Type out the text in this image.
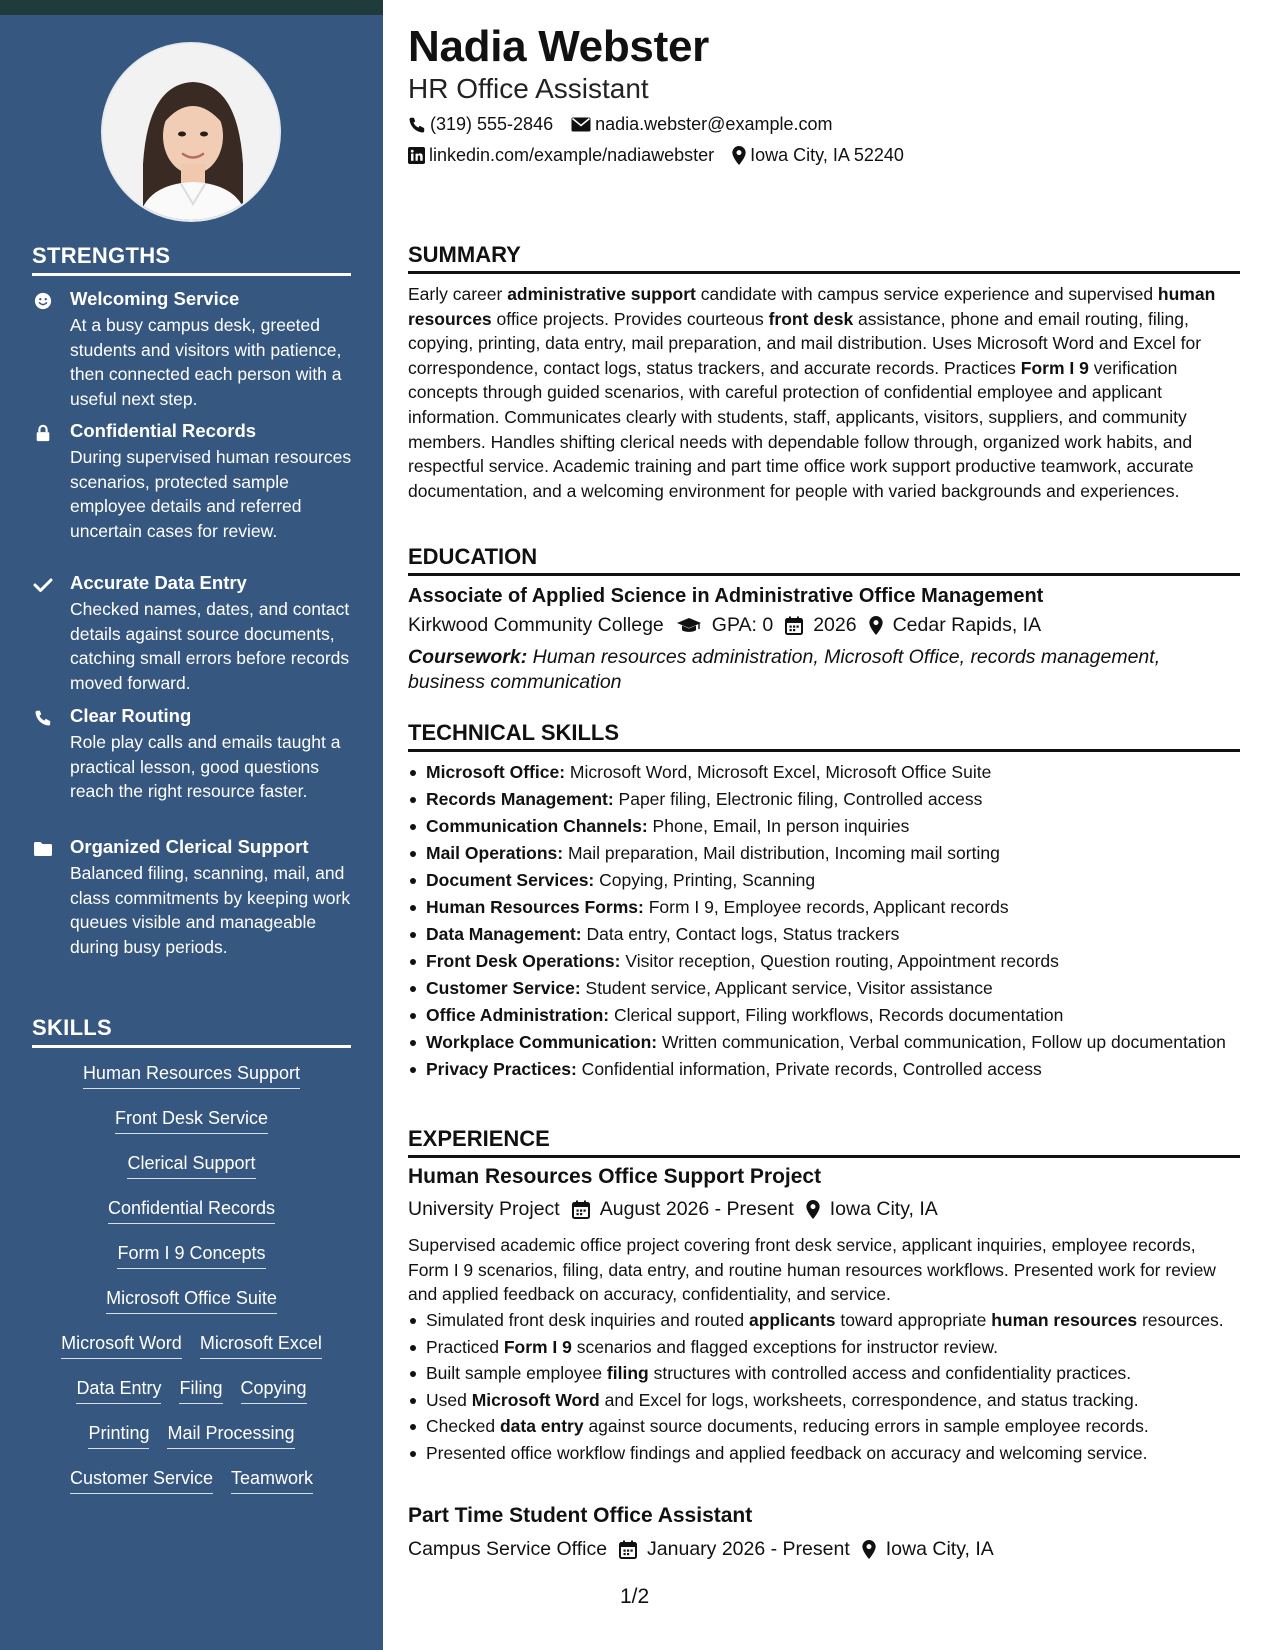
STRENGTHS
Welcoming Service
At a busy campus desk, greeted students and visitors with patience, then connected each person with a useful next step.
Confidential Records
During supervised human resources scenarios, protected sample employee details and referred uncertain cases for review.
Accurate Data Entry
Checked names, dates, and contact details against source documents, catching small errors before records moved forward.
Clear Routing
Role play calls and emails taught a practical lesson, good questions reach the right resource faster.
Organized Clerical Support
Balanced filing, scanning, mail, and class commitments by keeping work queues visible and manageable during busy periods.
SKILLS
Human Resources Support
Front Desk Service
Clerical Support
Confidential Records
Form I 9 Concepts
Microsoft Office Suite
Microsoft Word Microsoft Excel
Data Entry Filing Copying
Printing Mail Processing
Customer Service Teamwork
Nadia Webster
HR Office Assistant
(319) 555-2846 nadia.webster@example.com
linkedin.com/example/nadiawebster Iowa City, IA 52240
SUMMARY
Early career administrative support candidate with campus service experience and supervised human resources office projects. Provides courteous front desk assistance, phone and email routing, filing, copying, printing, data entry, mail preparation, and mail distribution. Uses Microsoft Word and Excel for correspondence, contact logs, status trackers, and accurate records. Practices Form I 9 verification concepts through guided scenarios, with careful protection of confidential employee and applicant information. Communicates clearly with students, staff, applicants, visitors, suppliers, and community members. Handles shifting clerical needs with dependable follow through, organized work habits, and respectful service. Academic training and part time office work support productive teamwork, accurate documentation, and a welcoming environment for people with varied backgrounds and experiences.
EDUCATION
Associate of Applied Science in Administrative Office Management
Kirkwood Community College GPA: 0 2026 Cedar Rapids, IA
Coursework: Human resources administration, Microsoft Office, records management, business communication
TECHNICAL SKILLS
Microsoft Office: Microsoft Word, Microsoft Excel, Microsoft Office Suite
Records Management: Paper filing, Electronic filing, Controlled access
Communication Channels: Phone, Email, In person inquiries
Mail Operations: Mail preparation, Mail distribution, Incoming mail sorting
Document Services: Copying, Printing, Scanning
Human Resources Forms: Form I 9, Employee records, Applicant records
Data Management: Data entry, Contact logs, Status trackers
Front Desk Operations: Visitor reception, Question routing, Appointment records
Customer Service: Student service, Applicant service, Visitor assistance
Office Administration: Clerical support, Filing workflows, Records documentation
Workplace Communication: Written communication, Verbal communication, Follow up documentation
Privacy Practices: Confidential information, Private records, Controlled access
EXPERIENCE
Human Resources Office Support Project
University Project August 2026 - Present Iowa City, IA
Supervised academic office project covering front desk service, applicant inquiries, employee records, Form I 9 scenarios, filing, data entry, and routine human resources workflows. Presented work for review and applied feedback on accuracy, confidentiality, and service.
Simulated front desk inquiries and routed applicants toward appropriate human resources resources.
Practiced Form I 9 scenarios and flagged exceptions for instructor review.
Built sample employee filing structures with controlled access and confidentiality practices.
Used Microsoft Word and Excel for logs, worksheets, correspondence, and status tracking.
Checked data entry against source documents, reducing errors in sample employee records.
Presented office workflow findings and applied feedback on accuracy and welcoming service.
Part Time Student Office Assistant
Campus Service Office January 2026 - Present Iowa City, IA
1/2
